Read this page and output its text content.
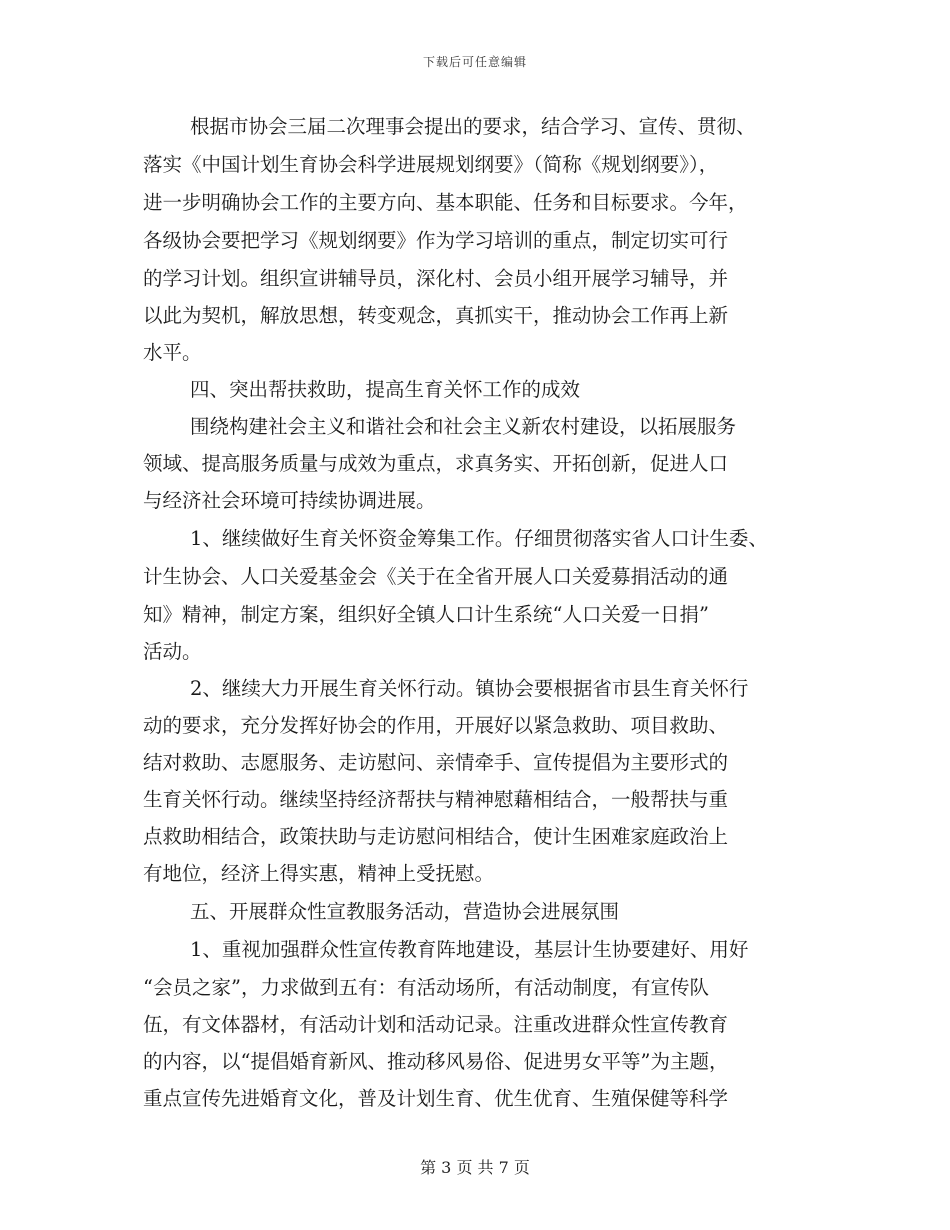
下载后可任意编辑
根据市协会三届二次理事会提出的要求，结合学习、宣传、贯彻、
落实《中国计划生育协会科学进展规划纲要》（简称《规划纲要》），
进一步明确协会工作的主要方向、基本职能、任务和目标要求。今年，
各级协会要把学习《规划纲要》作为学习培训的重点，制定切实可行
的学习计划。组织宣讲辅导员，深化村、会员小组开展学习辅导，并
以此为契机，解放思想，转变观念，真抓实干，推动协会工作再上新
水平。
四、突出帮扶救助，提高生育关怀工作的成效
围绕构建社会主义和谐社会和社会主义新农村建设，以拓展服务
领域、提高服务质量与成效为重点，求真务实、开拓创新，促进人口
与经济社会环境可持续协调进展。
1、继续做好生育关怀资金筹集工作。仔细贯彻落实省人口计生委、
计生协会、人口关爱基金会《关于在全省开展人口关爱募捐活动的通
知》精神，制定方案，组织好全镇人口计生系统“人口关爱一日捐”
活动。
2、继续大力开展生育关怀行动。镇协会要根据省市县生育关怀行
动的要求，充分发挥好协会的作用，开展好以紧急救助、项目救助、
结对救助、志愿服务、走访慰问、亲情牵手、宣传提倡为主要形式的
生育关怀行动。继续坚持经济帮扶与精神慰藉相结合，一般帮扶与重
点救助相结合，政策扶助与走访慰问相结合，使计生困难家庭政治上
有地位，经济上得实惠，精神上受抚慰。
五、开展群众性宣教服务活动，营造协会进展氛围
1、重视加强群众性宣传教育阵地建设，基层计生协要建好、用好
“会员之家”，力求做到五有：有活动场所，有活动制度，有宣传队
伍，有文体器材，有活动计划和活动记录。注重改进群众性宣传教育
的内容，以“提倡婚育新风、推动移风易俗、促进男女平等”为主题，
重点宣传先进婚育文化，普及计划生育、优生优育、生殖保健等科学
第 3 页 共 7 页
